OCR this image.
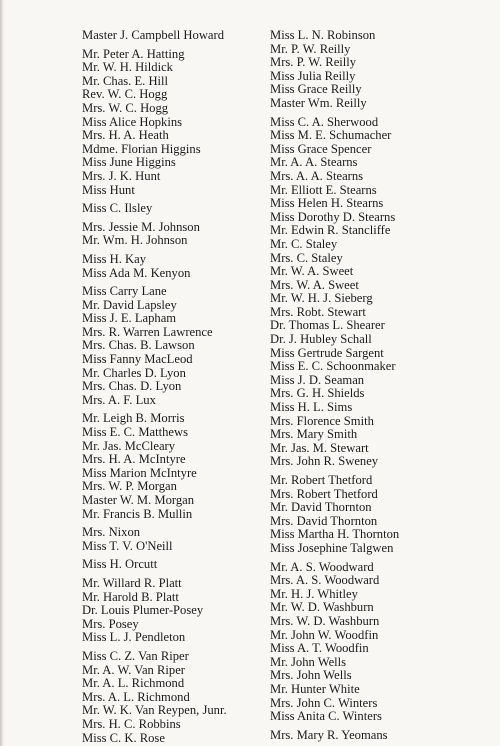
Master J. Campbell Howard
Mr. Peter A. Hatting
Mr. W. H. Hildick
Mr. Chas. E. Hill
Rev. W. C. Hogg
Mrs. W. C. Hogg
Miss Alice Hopkins
Mrs. H. A. Heath
Mdme. Florian Higgins
Miss June Higgins
Mrs. J. K. Hunt
Miss Hunt
Miss C. Ilsley
Mrs. Jessie M. Johnson
Mr. Wm. H. Johnson
Miss H. Kay
Miss Ada M. Kenyon
Miss Carry Lane
Mr. David Lapsley
Miss J. E. Lapham
Mrs. R. Warren Lawrence
Mrs. Chas. B. Lawson
Miss Fanny MacLeod
Mr. Charles D. Lyon
Mrs. Chas. D. Lyon
Mrs. A. F. Lux
Mr. Leigh B. Morris
Miss E. C. Matthews
Mr. Jas. McCleary
Mrs. H. A. McIntyre
Miss Marion McIntyre
Mrs. W. P. Morgan
Master W. M. Morgan
Mr. Francis B. Mullin
Mrs. Nixon
Miss T. V. O'Neill
Miss H. Orcutt
Mr. Willard R. Platt
Mr. Harold B. Platt
Dr. Louis Plumer-Posey
Mrs. Posey
Miss L. J. Pendleton
Miss C. Z. Van Riper
Mr. A. W. Van Riper
Mr. A. L. Richmond
Mrs. A. L. Richmond
Mr. W. K. Van Reypen, Junr.
Mrs. H. C. Robbins
Miss C. K. Rose
Miss L. N. Robinson
Mr. P. W. Reilly
Mrs. P. W. Reilly
Miss Julia Reilly
Miss Grace Reilly
Master Wm. Reilly
Miss C. A. Sherwood
Miss M. E. Schumacher
Miss Grace Spencer
Mr. A. A. Stearns
Mrs. A. A. Stearns
Mr. Elliott E. Stearns
Miss Helen H. Stearns
Miss Dorothy D. Stearns
Mr. Edwin R. Stancliffe
Mr. C. Staley
Mrs. C. Staley
Mr. W. A. Sweet
Mrs. W. A. Sweet
Mr. W. H. J. Sieberg
Mrs. Robt. Stewart
Dr. Thomas L. Shearer
Dr. J. Hubley Schall
Miss Gertrude Sargent
Miss E. C. Schoonmaker
Miss J. D. Seaman
Mrs. G. H. Shields
Miss H. L. Sims
Mrs. Florence Smith
Mrs. Mary Smith
Mr. Jas. M. Stewart
Mrs. John R. Sweney
Mr. Robert Thetford
Mrs. Robert Thetford
Mr. David Thornton
Mrs. David Thornton
Miss Martha H. Thornton
Miss Josephine Talgwen
Mr. A. S. Woodward
Mrs. A. S. Woodward
Mr. H. J. Whitley
Mr. W. D. Washburn
Mrs. W. D. Washburn
Mr. John W. Woodfin
Miss A. T. Woodfin
Mr. John Wells
Mrs. John Wells
Mr. Hunter White
Mrs. John C. Winters
Miss Anita C. Winters
Mrs. Mary R. Yeomans
